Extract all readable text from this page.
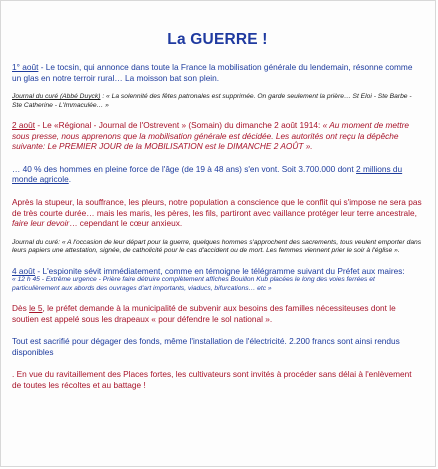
La GUERRE !

1° août - Le tocsin, qui annonce dans toute la France la mobilisation générale du lendemain, résonne comme un glas en notre terroir rural… La moisson bat son plein.

Journal du curé (Abbé Duyck) : « La solennité des fêtes patronales est supprimée. On garde seulement la prière… St Eloi - Ste Barbe - Ste Catherine - L'Immaculée… »

2 août - Le «Régional - Journal de l'Ostrevent » (Somain) du dimanche 2 août 1914: « Au moment de mettre sous presse, nous apprenons que la mobilisation générale est décidée. Les autorités ont reçu la dépêche suivante: Le PREMIER JOUR de la MOBILISATION est le DIMANCHE 2 AOÛT ».

… 40 % des hommes en pleine force de l'âge (de 19 à 48 ans) s'en vont. Soit 3.700.000 dont 2 millions du monde agricole.

Après la stupeur, la souffrance, les pleurs, notre population a conscience que le conflit qui s'impose ne sera pas de très courte durée… mais les maris, les pères, les fils, partiront avec vaillance protéger leur terre ancestrale, faire leur devoir… cependant le cœur anxieux.

Journal du curé: « A l'occasion de leur départ pour la guerre, quelques hommes s'approchent des sacrements, tous veulent emporter dans leurs papiers une attestation, signée, de catholicité pour le cas d'accident ou de mort. Les femmes viennent prier le soir à l'église ».

4 août - L'espionite sévit immédiatement, comme en témoigne le télégramme suivant du Préfet aux maires:

« 12 h 45 - Extrême urgence - Prière faire détruire complètement affiches Bouillon Kub placées le long des voies ferrées et particulièrement aux abords des ouvrages d'art importants, viaducs, bifurcations… etc »

Dès le 5, le préfet demande à la municipalité de subvenir aux besoins des familles nécessiteuses dont le soutien est appelé sous les drapeaux « pour défendre le sol national ».

Tout est sacrifié pour dégager des fonds, même l'installation de l'électricité. 2.200 francs sont ainsi rendus disponibles

. En vue du ravitaillement des Places fortes, les cultivateurs sont invités à procéder sans délai à l'enlèvement de toutes les récoltes et au battage !
